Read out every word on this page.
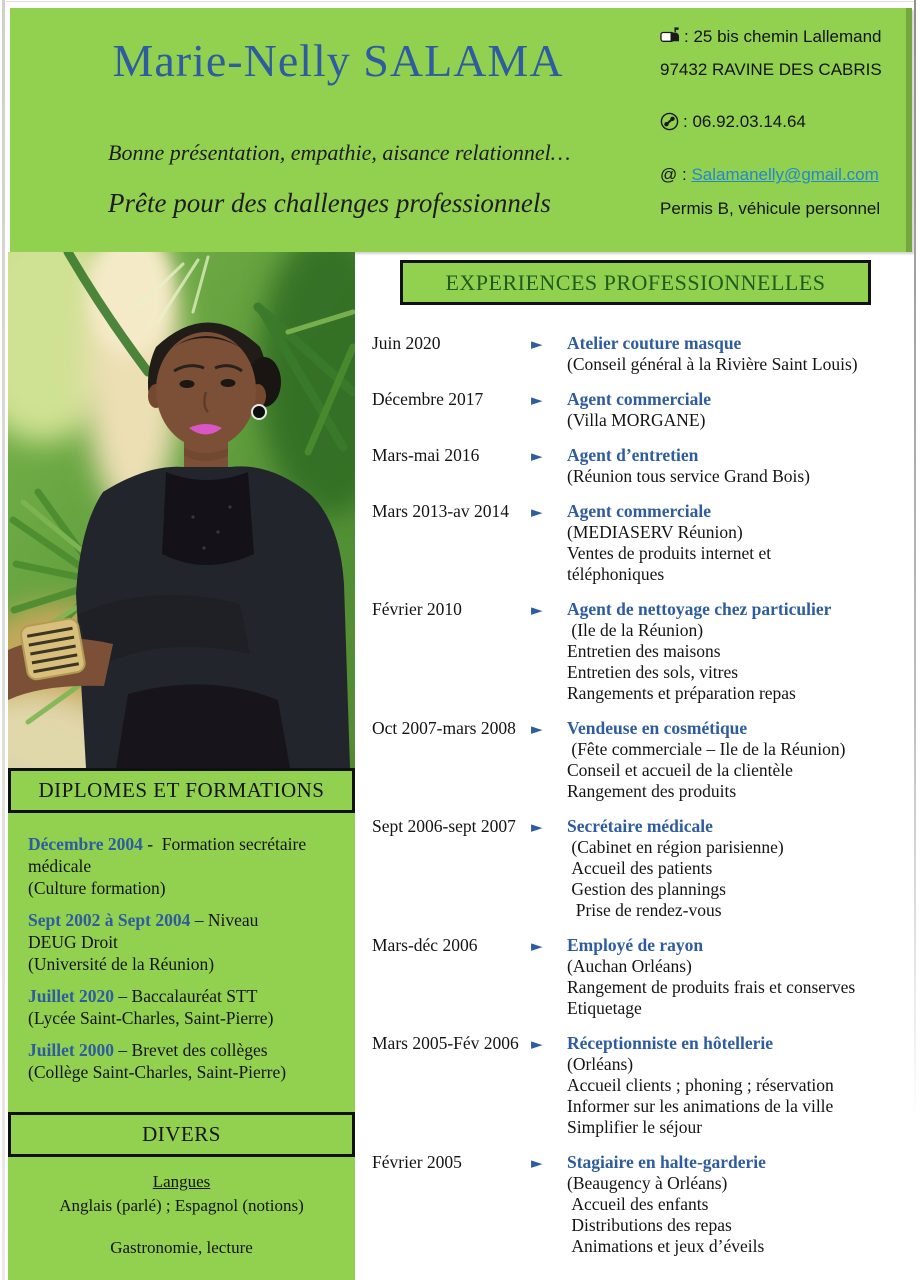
Marie-Nelly SALAMA
Bonne présentation, empathie, aisance relationnel…
Prête pour des challenges professionnels
: 25 bis chemin Lallemand
97432 RAVINE DES CABRIS
: 06.92.03.14.64
@ : Salamanelly@gmail.com
Permis B, véhicule personnel
DIPLOMES ET FORMATIONS
Décembre 2004 -  Formation secrétaire
médicale
(Culture formation)
Sept 2002 à Sept 2004 – Niveau
DEUG Droit
(Université de la Réunion)
Juillet 2020 – Baccalauréat STT
(Lycée Saint-Charles, Saint-Pierre)
Juillet 2000 – Brevet des collèges
(Collège Saint-Charles, Saint-Pierre)
DIVERS
Langues
Anglais (parlé) ; Espagnol (notions)
Gastronomie, lecture
EXPERIENCES PROFESSIONNELLES
Juin 2020	►	Atelier couture masque
(Conseil général à la Rivière Saint Louis)
Décembre 2017	►	Agent commerciale
(Villa MORGANE)
Mars-mai 2016	►	Agent d’entretien
(Réunion tous service Grand Bois)
Mars 2013-av 2014	►	Agent commerciale
(MEDIASERV Réunion)
Ventes de produits internet et
téléphoniques
Février 2010	►	Agent de nettoyage chez particulier
(Ile de la Réunion)
Entretien des maisons
Entretien des sols, vitres
Rangements et préparation repas
Oct 2007-mars 2008	►	Vendeuse en cosmétique
(Fête commerciale – Ile de la Réunion)
Conseil et accueil de la clientèle
Rangement des produits
Sept 2006-sept 2007	►	Secrétaire médicale
(Cabinet en région parisienne)
Accueil des patients
Gestion des plannings
Prise de rendez-vous
Mars-déc 2006	►	Employé de rayon
(Auchan Orléans)
Rangement de produits frais et conserves
Etiquetage
Mars 2005-Fév 2006 ►	Réceptionniste en hôtellerie
(Orléans)
Accueil clients ; phoning ; réservation
Informer sur les animations de la ville
Simplifier le séjour
Février 2005	►	Stagiaire en halte-garderie
(Beaugency à Orléans)
Accueil des enfants
Distributions des repas
Animations et jeux d’éveils
